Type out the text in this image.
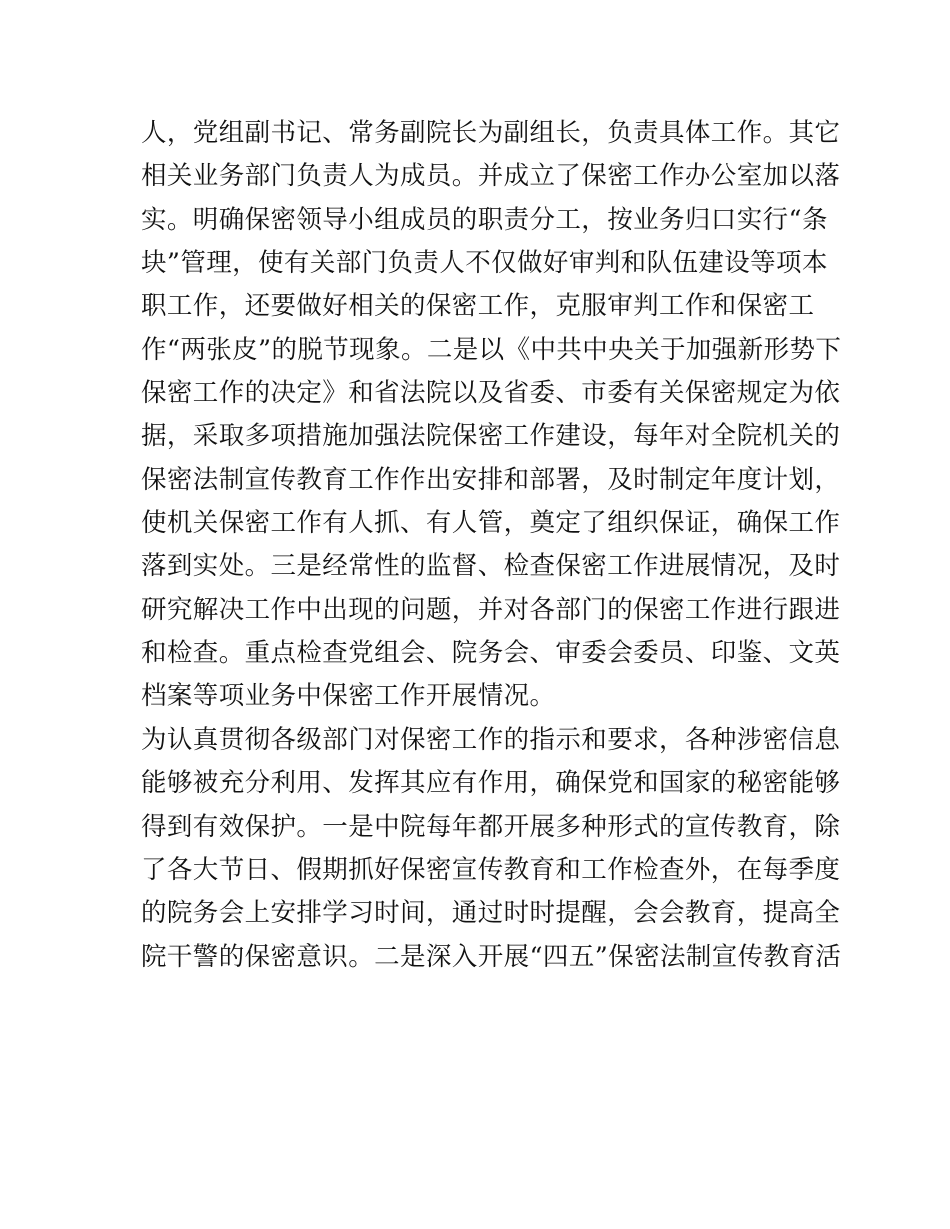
人，党组副书记、常务副院长为副组长，负责具体工作。其它
相关业务部门负责人为成员。并成立了保密工作办公室加以落
实。明确保密领导小组成员的职责分工，按业务归口实行“条
块”管理，使有关部门负责人不仅做好审判和队伍建设等项本
职工作，还要做好相关的保密工作，克服审判工作和保密工
作“两张皮”的脱节现象。二是以《中共中央关于加强新形势下
保密工作的决定》和省法院以及省委、市委有关保密规定为依
据，采取多项措施加强法院保密工作建设，每年对全院机关的
保密法制宣传教育工作作出安排和部署，及时制定年度计划，
使机关保密工作有人抓、有人管，奠定了组织保证，确保工作
落到实处。三是经常性的监督、检查保密工作进展情况，及时
研究解决工作中出现的问题，并对各部门的保密工作进行跟进
和检查。重点检查党组会、院务会、审委会委员、印鉴、文英
档案等项业务中保密工作开展情况。
为认真贯彻各级部门对保密工作的指示和要求，各种涉密信息
能够被充分利用、发挥其应有作用，确保党和国家的秘密能够
得到有效保护。一是中院每年都开展多种形式的宣传教育，除
了各大节日、假期抓好保密宣传教育和工作检查外，在每季度
的院务会上安排学习时间，通过时时提醒，会会教育，提高全
院干警的保密意识。二是深入开展“四五”保密法制宣传教育活
